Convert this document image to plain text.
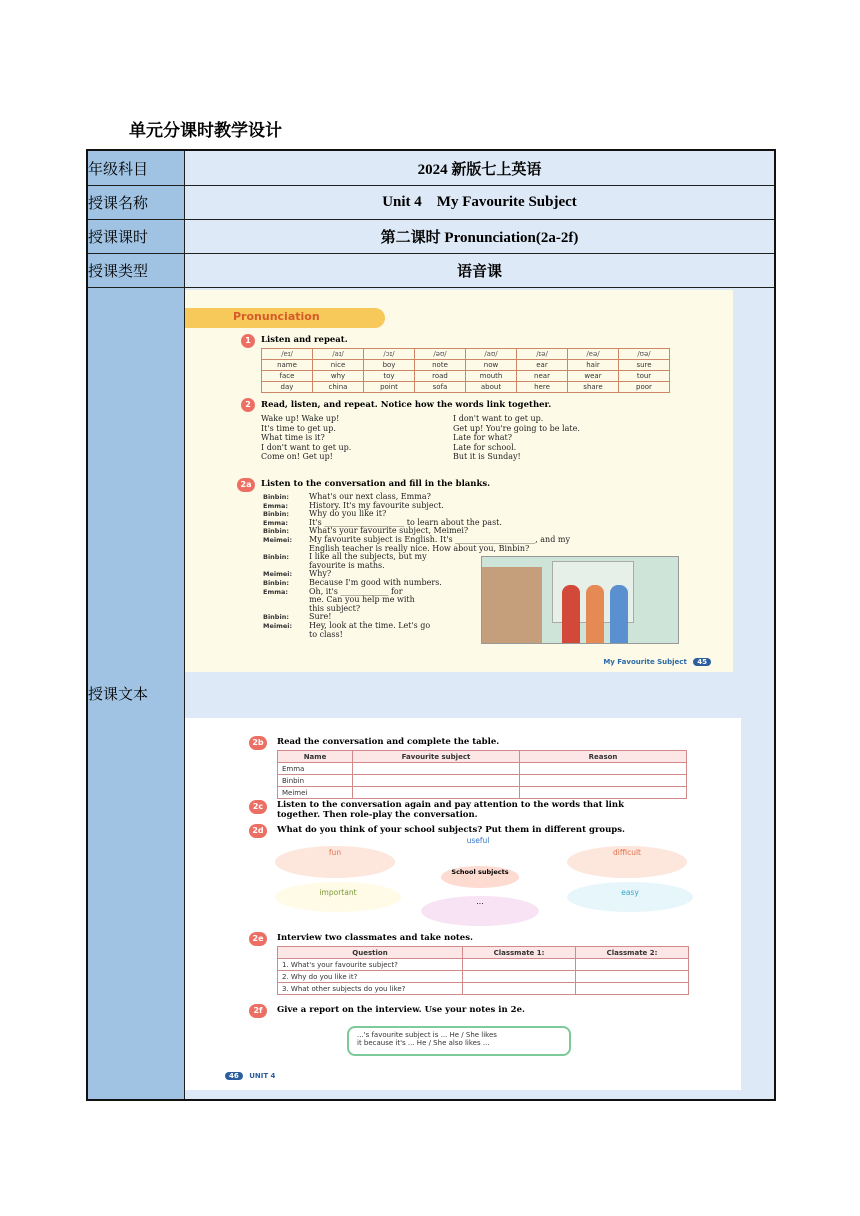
单元分课时教学设计
年级科目	2024 新版七上英语
授课名称	Unit 4    My Favourite Subject
授课课时	第二课时 Pronunciation(2a-2f)
授课类型	语音课
授课文本	
Pronunciation
1	Listen and repeat.
/eɪ/	/aɪ/	/ɔɪ/	/əʊ/	/aʊ/	/ɪə/	/eə/	/ʊə/
name	nice	boy	note	now	ear	hair	sure
face	why	toy	road	mouth	near	wear	tour
day	china	point	sofa	about	here	share	poor
2	Read, listen, and repeat. Notice how the words link together.
Wake up! Wake up!
It's time to get up.
What time is it?
I don't want to get up.
Come on! Get up!
I don't want to get up.
Get up! You're going to be late.
Late for what?
Late for school.
But it is Sunday!
2a	Listen to the conversation and fill in the blanks.
Binbin:	What's our next class, Emma?
Emma:	History. It's my favourite subject.
Binbin:	Why do you like it?
Emma:	It's ____________________ to learn about the past.
Binbin:	What's your favourite subject, Meimei?
Meimei: My favourite subject is English. It's ____________________, and my
English teacher is really nice. How about you, Binbin?
Binbin:	I like all the subjects, but my
favourite is maths.
Meimei: Why?
Binbin:	Because I'm good with numbers.
Emma:	Oh, it's ____________ for
me. Can you help me with
this subject?
Binbin:	Sure!
Meimei: Hey, look at the time. Let's go
to class!
My Favourite Subject 45
2b	Read the conversation and complete the table.
Name	Favourite subject	Reason
Emma		
Binbin		
Meimei		
2c	Listen to the conversation again and pay attention to the words that link
together. Then role-play the conversation.
2d	What do you think of your school subjects? Put them in different groups.
useful
fun	difficult
important
School subjects
easy
...
2e	Interview two classmates and take notes.
Question	Classmate 1:	Classmate 2:
1. What's your favourite subject?		
2. Why do you like it?		
3. What other subjects do you like?		
2f	Give a report on the interview. Use your notes in 2e.
...'s favourite subject is ... He / She likes
it because it's ... He / She also likes ...
46 UNIT 4
